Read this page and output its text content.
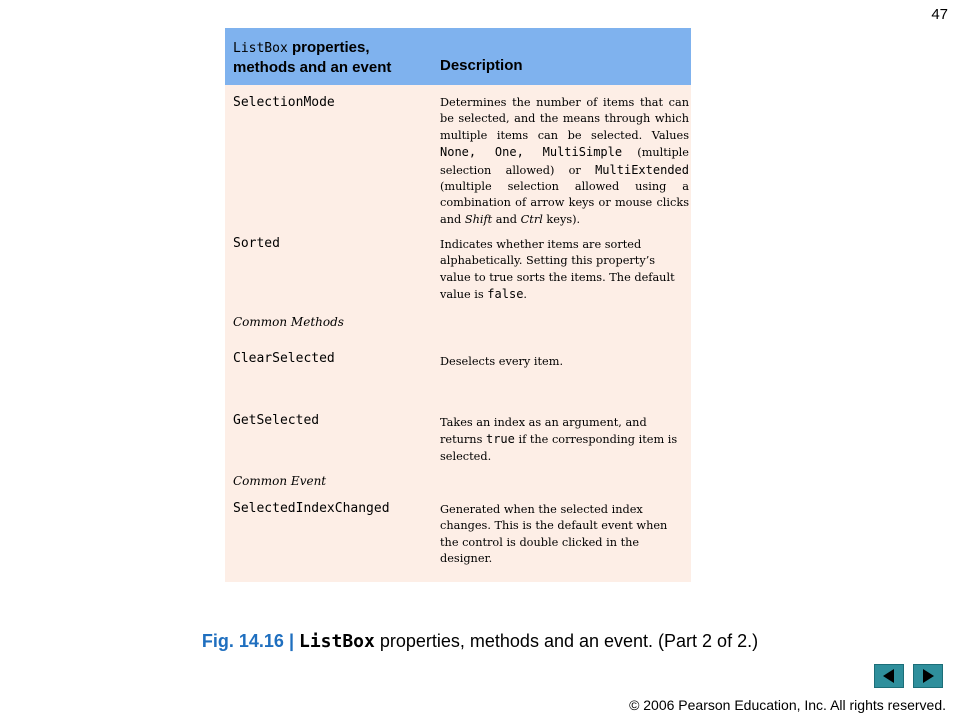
47
ListBox properties,
methods and an event	Description
SelectionMode	Determines the number of items that can be selected, and the means through which multiple items can be selected. Values None, One, MultiSimple (multiple selection allowed) or MultiExtended (multiple selection allowed using a combination of arrow keys or mouse clicks and Shift and Ctrl keys).
Sorted	Indicates whether items are sorted alphabetically. Setting this property’s value to true sorts the items. The default value is false.
Common Methods
ClearSelected	Deselects every item.
GetSelected	Takes an index as an argument, and returns true if the corresponding item is selected.
Common Event
SelectedIndexChanged	Generated when the selected index changes. This is the default event when the control is double clicked in the designer.
Fig. 14.16 | ListBox properties, methods and an event. (Part 2 of 2.)
© 2006 Pearson Education, Inc. All rights reserved.
